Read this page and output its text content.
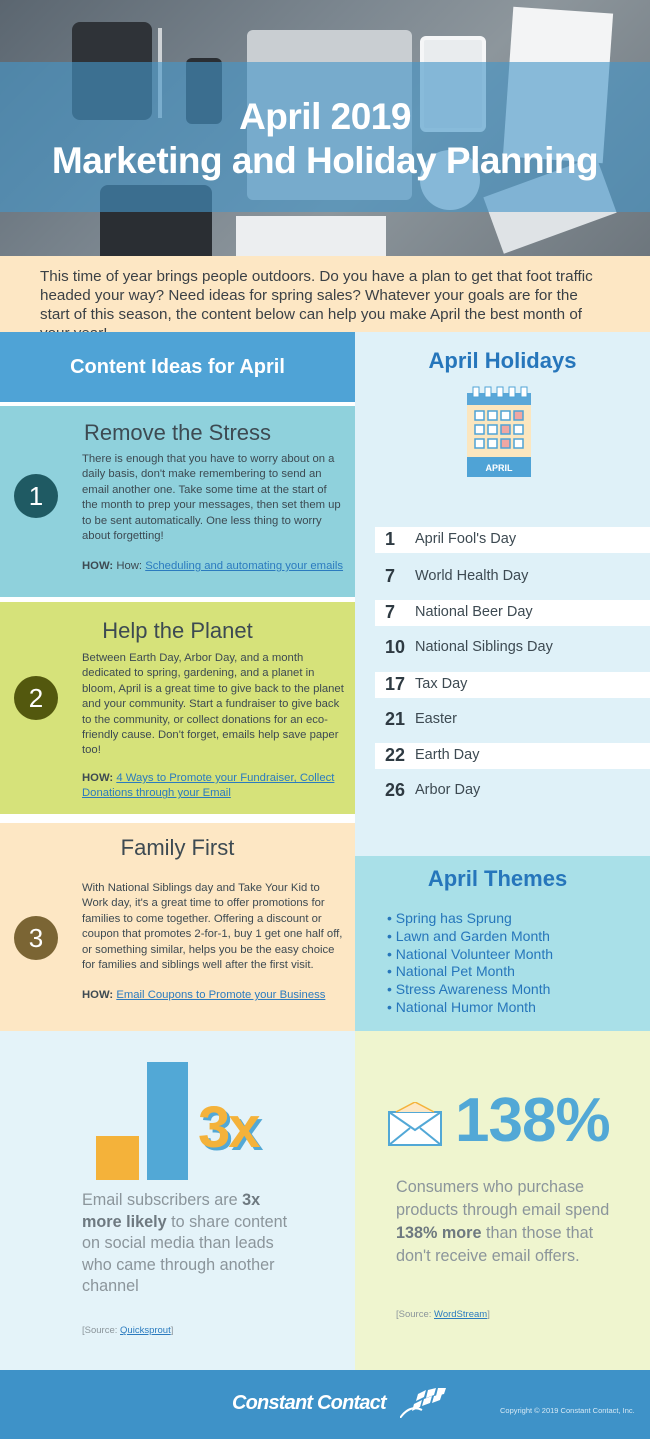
April 2019
Marketing and Holiday Planning
This time of year brings people outdoors. Do you have a plan to get that foot traffic headed your way? Need ideas for spring sales? Whatever your goals are for the start of this season, the content below can help you make April the best month of
Content Ideas for April
Remove the Stress
1
There is enough that you have to worry about on a daily basis, don't make remembering to send an email another one. Take some time at the start of the month to prep your messages, then set them up to be sent automatically. One less thing to worry about forgetting!
HOW: How: Scheduling and automating your emails
Help the Planet
2
Between Earth Day, Arbor Day, and a month dedicated to spring, gardening, and a planet in bloom, April is a great time to give back to the planet and your community. Start a fundraiser to give back to the community, or collect donations for an eco-friendly cause. Don't forget, emails help save paper too!
HOW: 4 Ways to Promote your Fundraiser, Collect Donations through your Email
Family First
3
With National Siblings day and Take Your Kid to Work day, it's a great time to offer promotions for families to come together. Offering a discount or coupon that promotes 2-for-1, buy 1 get one half off, or something similar, helps you be the easy choice for families and siblings well after the first visit.
HOW: Email Coupons to Promote your Business
April Holidays
APRIL
1 April Fool's Day
7 World Health Day
7 National Beer Day
10 National Siblings Day
17 Tax Day
21 Easter
22 Earth Day
26 Arbor Day
April Themes
• Spring has Sprung
• Lawn and Garden Month
• National Volunteer Month
• National Pet Month
• Stress Awareness Month
• National Humor Month
3x
Email subscribers are 3x more likely to share content on social media than leads who came through another channel
[Source: Quicksprout]
138%
Consumers who purchase products through email spend 138% more than those that don't receive email offers.
[Source: WordStream]
Constant Contact	Copyright © 2019 Constant Contact, Inc.
